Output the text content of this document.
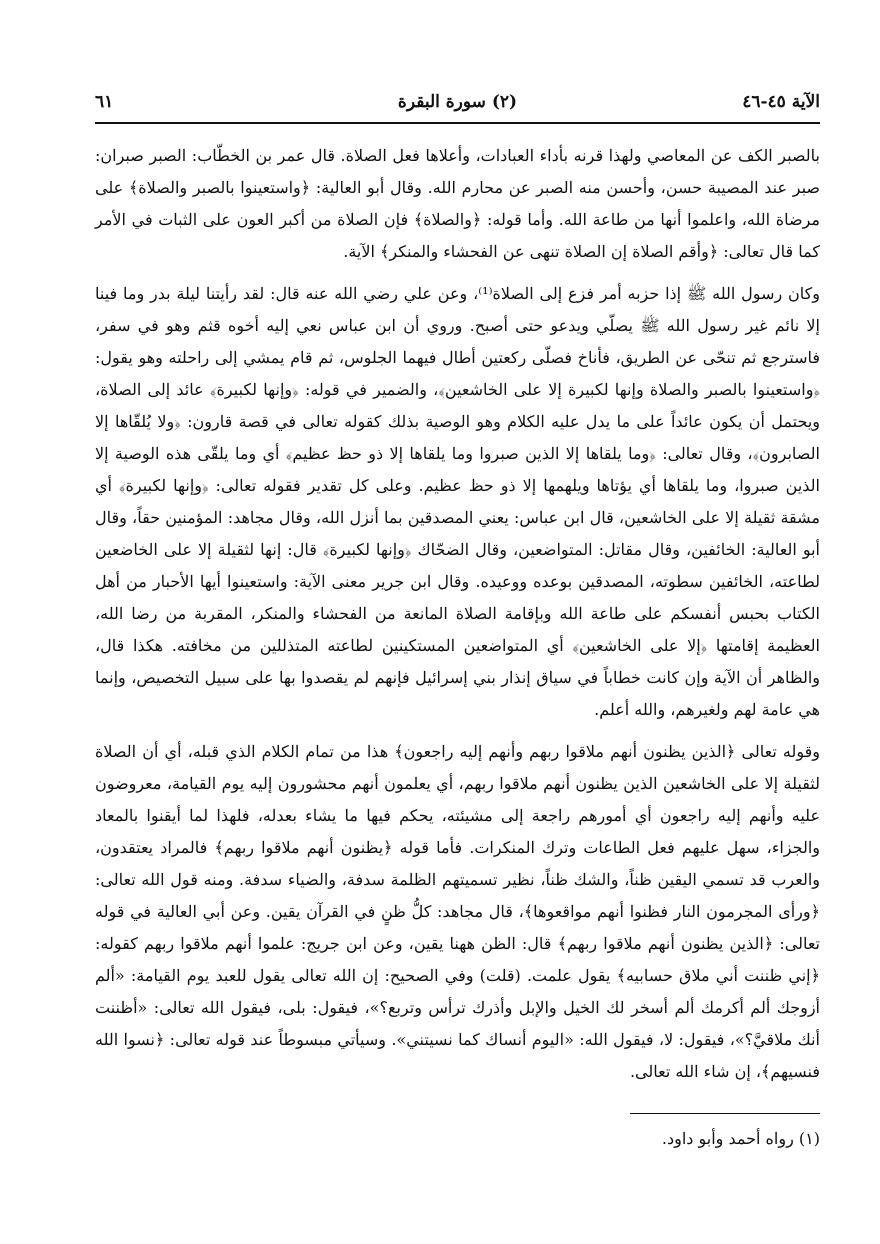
الآية ٤٥-٤٦
(٢) سورة البقرة
٦١

بالصبر الكف عن المعاصي ولهذا قرنه بأداء العبادات، وأعلاها فعل الصلاة. قال عمر بن الخطّاب: الصبر صبران: صبر عند المصيبة حسن، وأحسن منه الصبر عن محارم الله. وقال أبو العالية: ﴿واستعينوا بالصبر والصلاة﴾ على مرضاة الله، واعلموا أنها من طاعة الله. وأما قوله: ﴿والصلاة﴾ فإن الصلاة من أكبر العون على الثبات في الأمر كما قال تعالى: ﴿وأقم الصلاة إن الصلاة تنهى عن الفحشاء والمنكر﴾ الآية.

وكان رسول الله ﷺ إذا حزبه أمر فزع إلى الصلاة⁽¹⁾، وعن علي رضي الله عنه قال: لقد رأيتنا ليلة بدر وما فينا إلا نائم غير رسول الله ﷺ يصلّي ويدعو حتى أصبح. وروي أن ابن عباس نعي إليه أخوه قثم وهو في سفر، فاسترجع ثم تنحّى عن الطريق، فأناخ فصلّى ركعتين أطال فيهما الجلوس، ثم قام يمشي إلى راحلته وهو يقول: ﴿واستعينوا بالصبر والصلاة وإنها لكبيرة إلا على الخاشعين﴾، والضمير في قوله: ﴿وإنها لكبيرة﴾ عائد إلى الصلاة، ويحتمل أن يكون عائداً على ما يدل عليه الكلام وهو الوصية بذلك كقوله تعالى في قصة قارون: ﴿ولا يُلقّاها إلا الصابرون﴾، وقال تعالى: ﴿وما يلقاها إلا الذين صبروا وما يلقاها إلا ذو حظ عظيم﴾ أي وما يلقّى هذه الوصية إلا الذين صبروا، وما يلقاها أي يؤتاها ويلهمها إلا ذو حظ عظيم. وعلى كل تقدير فقوله تعالى: ﴿وإنها لكبيرة﴾ أي مشقة ثقيلة إلا على الخاشعين، قال ابن عباس: يعني المصدقين بما أنزل الله، وقال مجاهد: المؤمنين حقاً، وقال أبو العالية: الخائفين، وقال مقاتل: المتواضعين، وقال الضحّاك ﴿وإنها لكبيرة﴾ قال: إنها لثقيلة إلا على الخاضعين لطاعته، الخائفين سطوته، المصدقين بوعده ووعيده. وقال ابن جرير معنى الآية: واستعينوا أيها الأحبار من أهل الكتاب بحبس أنفسكم على طاعة الله وبإقامة الصلاة المانعة من الفحشاء والمنكر، المقربة من رضا الله، العظيمة إقامتها ﴿إلا على الخاشعين﴾ أي المتواضعين المستكينين لطاعته المتذللين من مخافته. هكذا قال، والظاهر أن الآية وإن كانت خطاباً في سياق إنذار بني إسرائيل فإنهم لم يقصدوا بها على سبيل التخصيص، وإنما هي عامة لهم ولغيرهم، والله أعلم.

وقوله تعالى ﴿الذين يظنون أنهم ملاقوا ربهم وأنهم إليه راجعون﴾ هذا من تمام الكلام الذي قبله، أي أن الصلاة لثقيلة إلا على الخاشعين الذين يظنون أنهم ملاقوا ربهم، أي يعلمون أنهم محشورون إليه يوم القيامة، معروضون عليه وأنهم إليه راجعون أي أمورهم راجعة إلى مشيئته، يحكم فيها ما يشاء بعدله، فلهذا لما أيقنوا بالمعاد والجزاء، سهل عليهم فعل الطاعات وترك المنكرات. فأما قوله ﴿يظنون أنهم ملاقوا ربهم﴾ فالمراد يعتقدون، والعرب قد تسمي اليقين ظناً، والشك ظناً، نظير تسميتهم الظلمة سدفة، والضياء سدفة. ومنه قول الله تعالى: ﴿ورأى المجرمون النار فظنوا أنهم مواقعوها﴾، قال مجاهد: كلُّ ظنٍ في القرآن يقين. وعن أبي العالية في قوله تعالى: ﴿الذين يظنون أنهم ملاقوا ربهم﴾ قال: الظن ههنا يقين، وعن ابن جريج: علموا أنهم ملاقوا ربهم كقوله: ﴿إني ظننت أني ملاق حسابيه﴾ يقول علمت. (قلت) وفي الصحيح: إن الله تعالى يقول للعبد يوم القيامة: «ألم أزوجك ألم أكرمك ألم أسخر لك الخيل والإبل وأذرك ترأس وتربع؟»، فيقول: بلى، فيقول الله تعالى: «أظننت أنك ملاقيَّ؟»، فيقول: لا، فيقول الله: «اليوم أنساك كما نسيتني». وسيأتي مبسوطاً عند قوله تعالى: ﴿نسوا الله فنسيهم﴾، إن شاء الله تعالى.

(١) رواه أحمد وأبو داود.
